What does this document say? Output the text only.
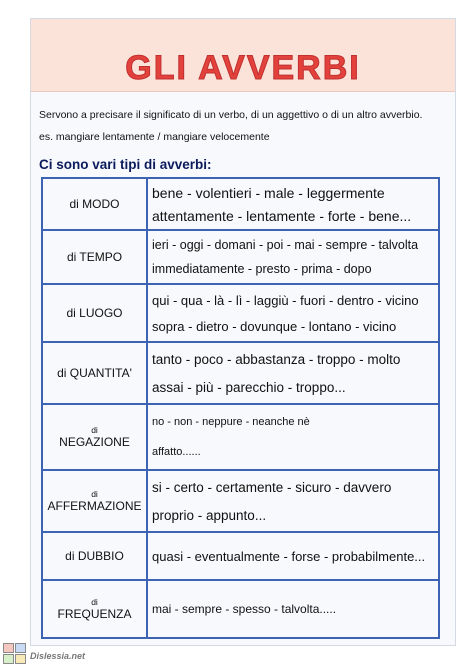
GLI AVVERBI
Servono a precisare il significato di un verbo, di un aggettivo o di un altro avverbio.
es. mangiare lentamente / mangiare velocemente
Ci sono vari tipi di avverbi:
di MODO
bene - volentieri - male - leggermente
attentamente - lentamente - forte - bene...
di TEMPO
ieri - oggi - domani - poi - mai - sempre - talvolta
immediatamente - presto - prima - dopo
di LUOGO
qui - qua - là - lì - laggiù - fuori - dentro - vicino
sopra - dietro - dovunque - lontano - vicino
di QUANTITA'
tanto - poco - abbastanza - troppo - molto
assai - più - parecchio - troppo...
di
NEGAZIONE
no - non - neppure - neanche nè
affatto......
di
AFFERMAZIONE
si - certo - certamente - sicuro - davvero
proprio - appunto...
di DUBBIO quasi - eventualmente - forse - probabilmente...
di
FREQUENZA mai - sempre - spesso - talvolta.....
Dislessia.net
